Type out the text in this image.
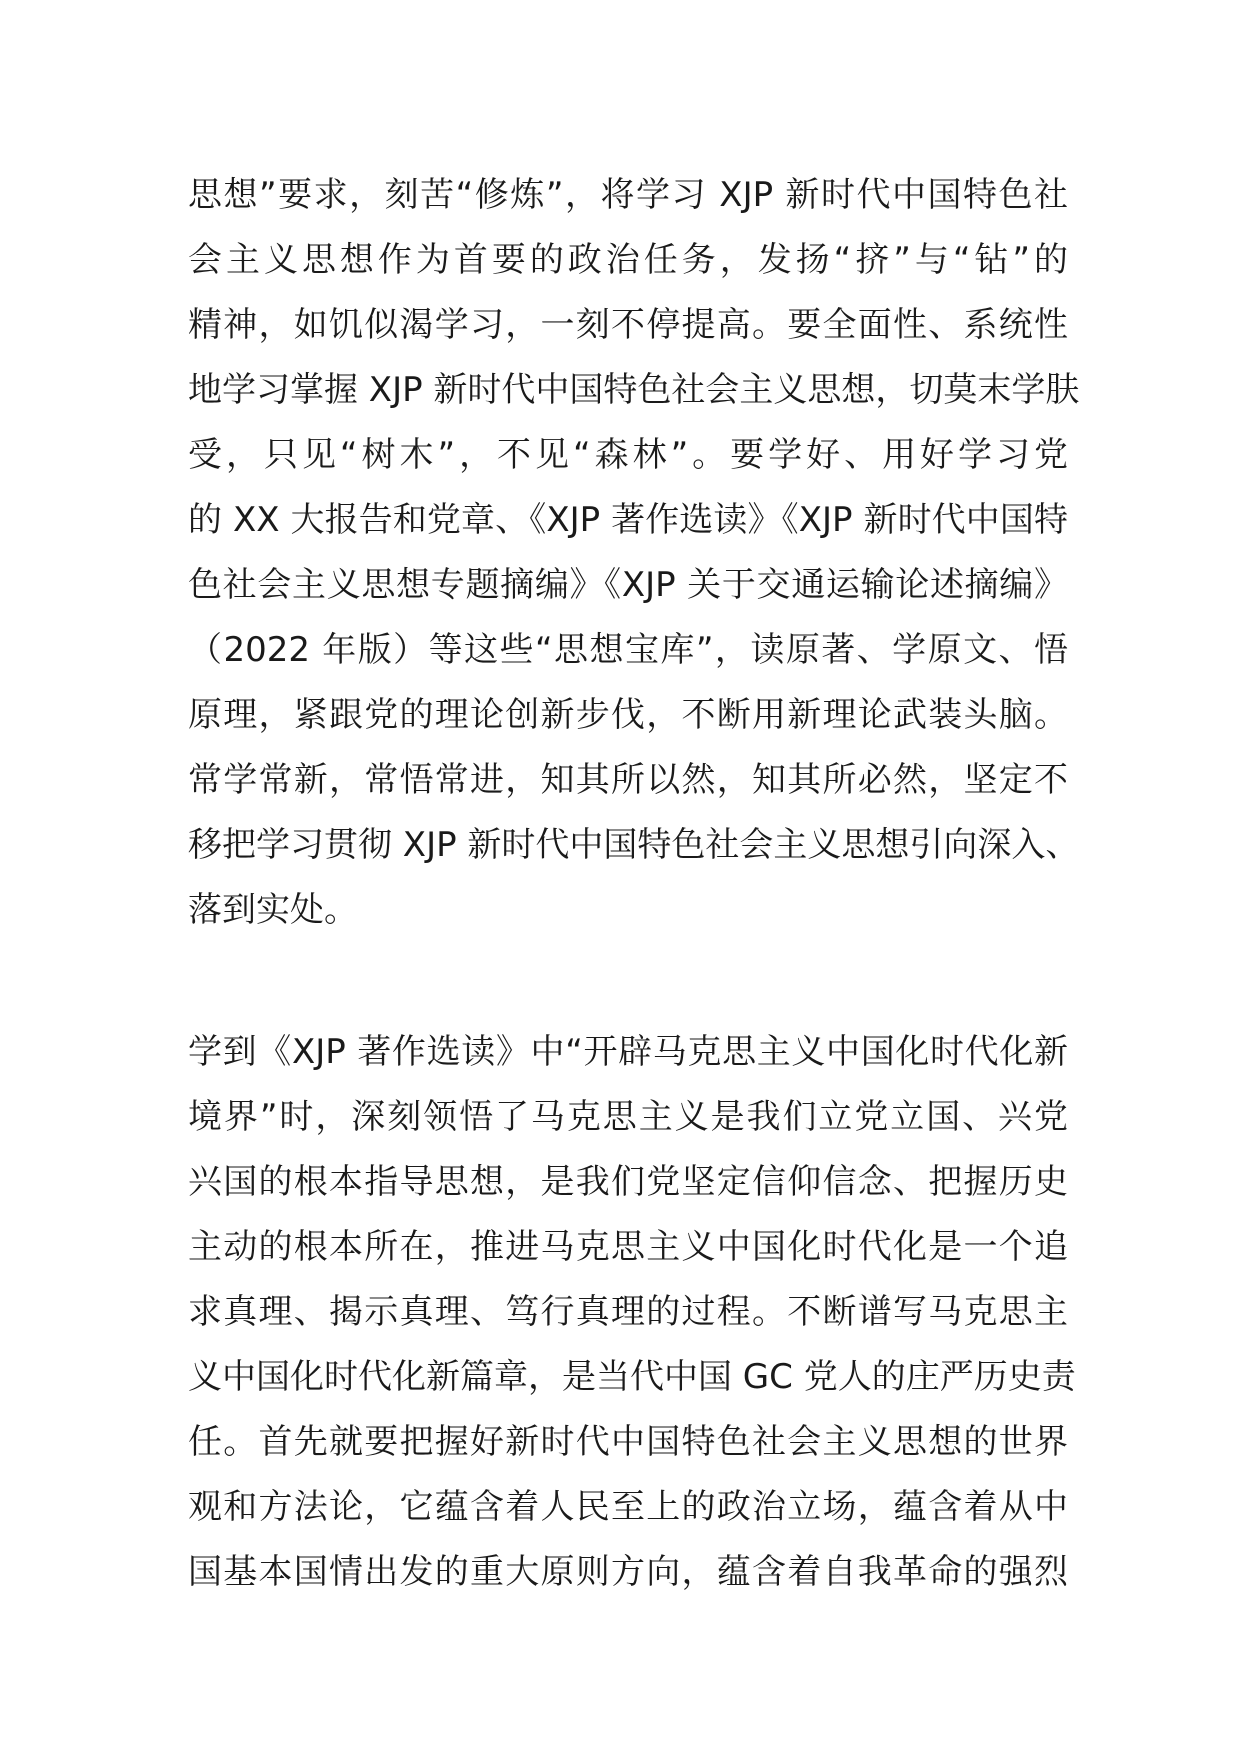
思想”要求，刻苦“修炼”，将学习 XJP 新时代中国特色社
会主义思想作为首要的政治任务，发扬“挤”与“钻”的
精神，如饥似渴学习，一刻不停提高。要全面性、系统性
地学习掌握 XJP 新时代中国特色社会主义思想，切莫末学肤
受，只见“树木”，不见“森林”。要学好、用好学习党
的 XX 大报告和党章、《XJP 著作选读》《XJP 新时代中国特
色社会主义思想专题摘编》《XJP 关于交通运输论述摘编》
（2022 年版）等这些“思想宝库”，读原著、学原文、悟
原理，紧跟党的理论创新步伐，不断用新理论武装头脑。
常学常新，常悟常进，知其所以然，知其所必然，坚定不
移把学习贯彻 XJP 新时代中国特色社会主义思想引向深入、
落到实处。
学到《XJP 著作选读》中“开辟马克思主义中国化时代化新
境界”时，深刻领悟了马克思主义是我们立党立国、兴党
兴国的根本指导思想，是我们党坚定信仰信念、把握历史
主动的根本所在，推进马克思主义中国化时代化是一个追
求真理、揭示真理、笃行真理的过程。不断谱写马克思主
义中国化时代化新篇章，是当代中国 GC 党人的庄严历史责
任。首先就要把握好新时代中国特色社会主义思想的世界
观和方法论，它蕴含着人民至上的政治立场，蕴含着从中
国基本国情出发的重大原则方向，蕴含着自我革命的强烈
